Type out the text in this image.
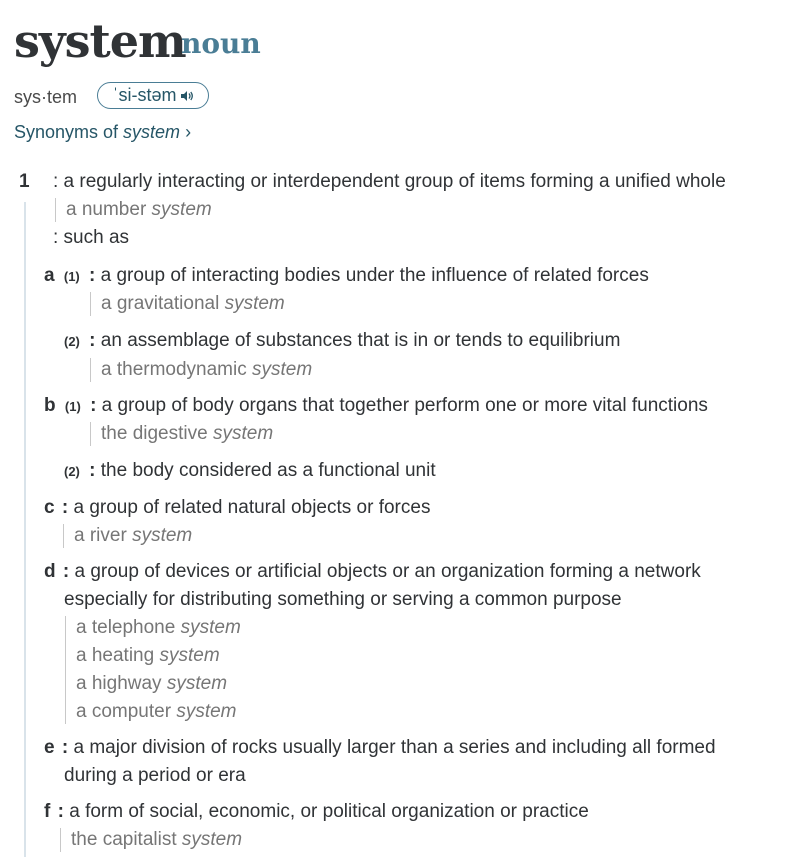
system
noun
sys·tem ˈsi-stəm
Synonyms of system ›
1 : a regularly interacting or interdependent group of items forming a unified whole
a number system
: such as
a (1) : a group of interacting bodies under the influence of related forces
a gravitational system
(2) : an assemblage of substances that is in or tends to equilibrium
a thermodynamic system
b (1) : a group of body organs that together perform one or more vital functions
the digestive system
(2) : the body considered as a functional unit
c : a group of related natural objects or forces
a river system
d : a group of devices or artificial objects or an organization forming a network
especially for distributing something or serving a common purpose
a telephone system
a heating system
a highway system
a computer system
e : a major division of rocks usually larger than a series and including all formed
during a period or era
f : a form of social, economic, or political organization or practice
the capitalist system
